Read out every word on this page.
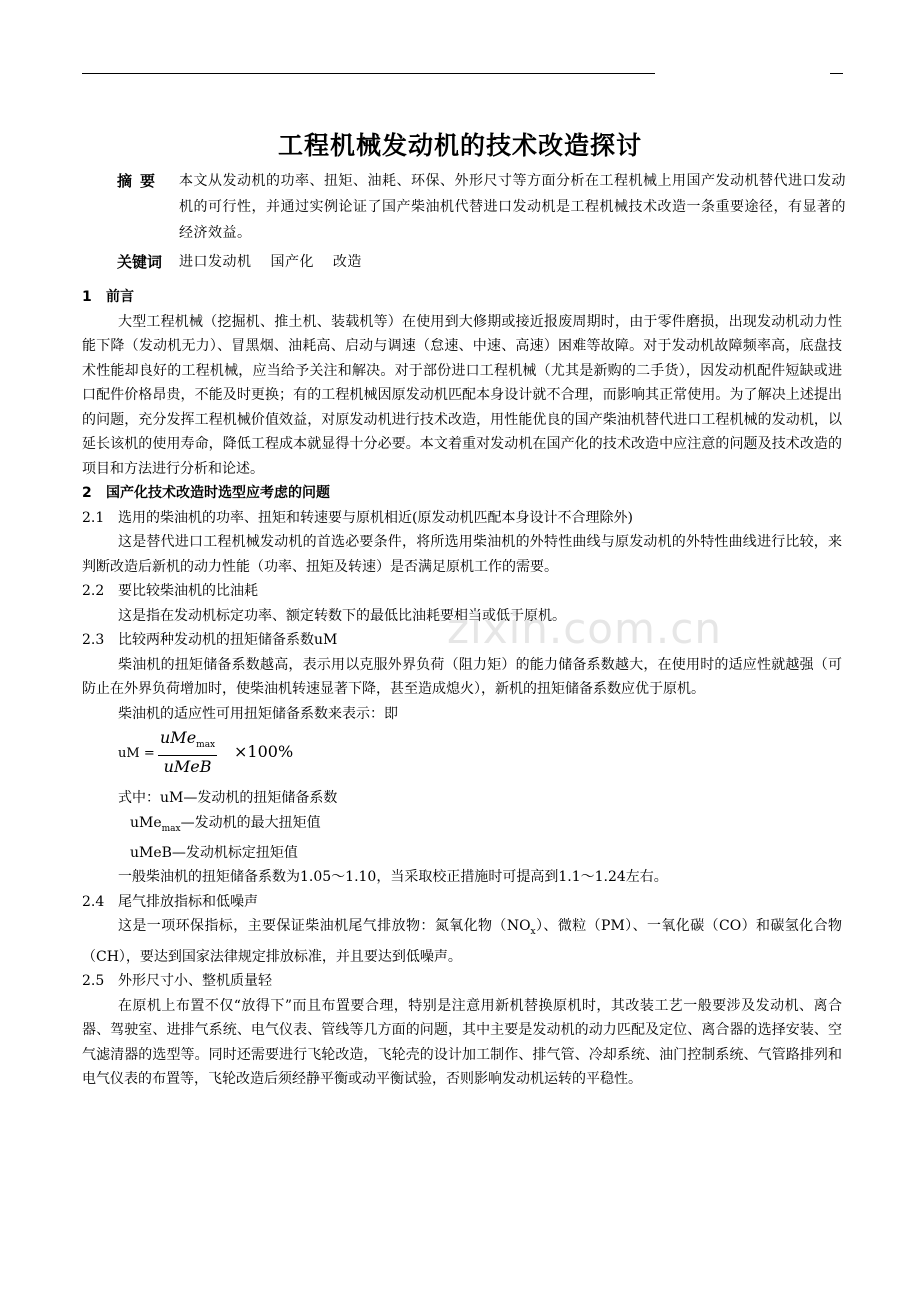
工程机械发动机的技术改造探讨
摘要	本文从发动机的功率、扭矩、油耗、环保、外形尺寸等方面分析在工程机械上用国产发动机替代进口发动机的可行性，并通过实例论证了国产柴油机代替进口发动机是工程机械技术改造一条重要途径，有显著的经济效益。
关键词	进口发动机 国产化 改造
1 前言
大型工程机械（挖掘机、推土机、装载机等）在使用到大修期或接近报废周期时，由于零件磨损，出现发动机动力性能下降（发动机无力）、冒黑烟、油耗高、启动与调速（怠速、中速、高速）困难等故障。对于发动机故障频率高，底盘技术性能却良好的工程机械，应当给予关注和解决。对于部份进口工程机械（尤其是新购的二手货），因发动机配件短缺或进口配件价格昂贵，不能及时更换；有的工程机械因原发动机匹配本身设计就不合理，而影响其正常使用。为了解决上述提出的问题，充分发挥工程机械价值效益，对原发动机进行技术改造，用性能优良的国产柴油机替代进口工程机械的发动机，以延长该机的使用寿命，降低工程成本就显得十分必要。本文着重对发动机在国产化的技术改造中应注意的问题及技术改造的项目和方法进行分析和论述。
2 国产化技术改造时选型应考虑的问题
2.1 选用的柴油机的功率、扭矩和转速要与原机相近(原发动机匹配本身设计不合理除外)
这是替代进口工程机械发动机的首选必要条件，将所选用柴油机的外特性曲线与原发动机的外特性曲线进行比较，来判断改造后新机的动力性能（功率、扭矩及转速）是否满足原机工作的需要。
2.2 要比较柴油机的比油耗
这是指在发动机标定功率、额定转数下的最低比油耗要相当或低于原机。
2.3 比较两种发动机的扭矩储备系数uM
柴油机的扭矩储备系数越高，表示用以克服外界负荷（阻力矩）的能力储备系数越大，在使用时的适应性就越强（可防止在外界负荷增加时，使柴油机转速显著下降，甚至造成熄火），新机的扭矩储备系数应优于原机。
柴油机的适应性可用扭矩储备系数来表示：即
uM =
uMe$_{max}$
uMeB
×100%
式中：uM—发动机的扭矩储备系数
uMe$_{max}$—发动机的最大扭矩值
uMeB—发动机标定扭矩值
一般柴油机的扭矩储备系数为1.05～1.10，当采取校正措施时可提高到1.1～1.24左右。
2.4 尾气排放指标和低噪声
这是一项环保指标，主要保证柴油机尾气排放物：氮氧化物$(NO_x)$、微粒（PM）、一氧化碳（CO）和碳氢化合物（CH），要达到国家法律规定排放标准，并且要达到低噪声。
2.5 外形尺寸小、整机质量轻
在原机上布置不仅“放得下”而且布置要合理，特别是注意用新机替换原机时，其改装工艺一般要涉及发动机、离合器、驾驶室、进排气系统、电气仪表、管线等几方面的问题，其中主要是发动机的动力匹配及定位、离合器的选择安装、空气滤清器的选型等。同时还需要进行飞轮改造，飞轮壳的设计加工制作、排气管、冷却系统、油门控制系统、气管路排列和电气仪表的布置等，飞轮改造后须经静平衡或动平衡试验，否则影响发动机运转的平稳性。
zixin.com.cn
